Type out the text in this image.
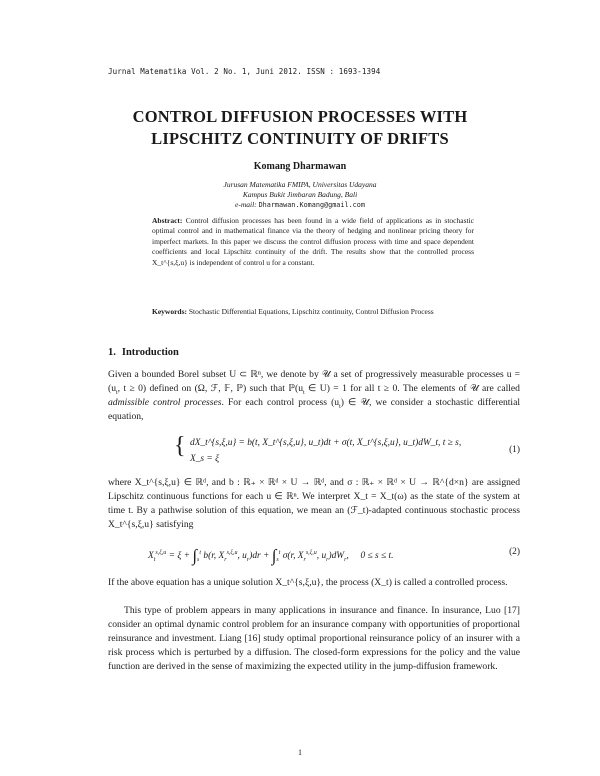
Jurnal Matematika Vol. 2 No. 1, Juni 2012. ISSN : 1693-1394
CONTROL DIFFUSION PROCESSES WITH
LIPSCHITZ CONTINUITY OF DRIFTS
Komang Dharmawan
Jurusan Matematika FMIPA, Universitas Udayana
Kampus Bukit Jimbaran Badung, Bali
e-mail: Dharmawan.Komang@gmail.com
Abstract: Control diffusion processes has been found in a wide field of applications as in stochastic optimal control and in mathematical finance via the theory of hedging and nonlinear pricing theory for imperfect markets. In this paper we discuss the control diffusion process with time and space dependent coefficients and local Lipschitz continuity of the drift. The results show that the controlled process X_t^{s,ξ,u} is independent of control u for a constant.
Keywords: Stochastic Differential Equations, Lipschitz continuity, Control Diffusion Process
1. Introduction
Given a bounded Borel subset U ⊂ ℝⁿ, we denote by 𝒰 a set of progressively measurable processes $u = (u_t$, t ≥ 0) defined on (Ω, ℱ, 𝔽, ℙ) such that $ℙ(u_t$ ∈ U) = 1 for all t ≥ 0. The elements of 𝒰 are called admissible control processes. For each control process $(u_t)$ ∈ 𝒰, we consider a stochastic differential equation,
{ dX_t^{s,ξ,u} = b(t, X_t^{s,ξ,u}, u_t)dt + σ(t, X_t^{s,ξ,u}, u_t)dW_t, t ≥ s,
X_s = ξ
(1)
where X_t^{s,ξ,u} ∈ ℝᵈ, and b : ℝ₊ × ℝᵈ × U → ℝᵈ, and σ : ℝ₊ × ℝᵈ × U → ℝ^{d×n} are assigned Lipschitz continuous functions for each u ∈ ℝⁿ. We interpret X_t = X_t(ω) as the state of the system at time t. By a pathwise solution of this equation, we mean an (ℱ_t)-adapted continuous stochastic process X_t^{s,ξ,u} satisfying
$X_t^{s,\xi,u} = \xi + \int_s^t$ b(r, $X_r^{s,\xi,u}$, $u_r)dr + \int_s^t$ σ(r, $X_r^{s,\xi,u}$, $u_r)dW_r$,     0 ≤ s ≤ t.	(2)
If the above equation has a unique solution X_t^{s,ξ,u}, the process (X_t) is called a controlled process.
This type of problem appears in many applications in insurance and finance. In insurance, Luo [17] consider an optimal dynamic control problem for an insurance company with opportunities of proportional reinsurance and investment. Liang [16] study optimal proportional reinsurance policy of an insurer with a risk process which is perturbed by a diffusion. The closed-form expressions for the policy and the value function are derived in the sense of maximizing the expected utility in the jump-diffusion framework.
1
